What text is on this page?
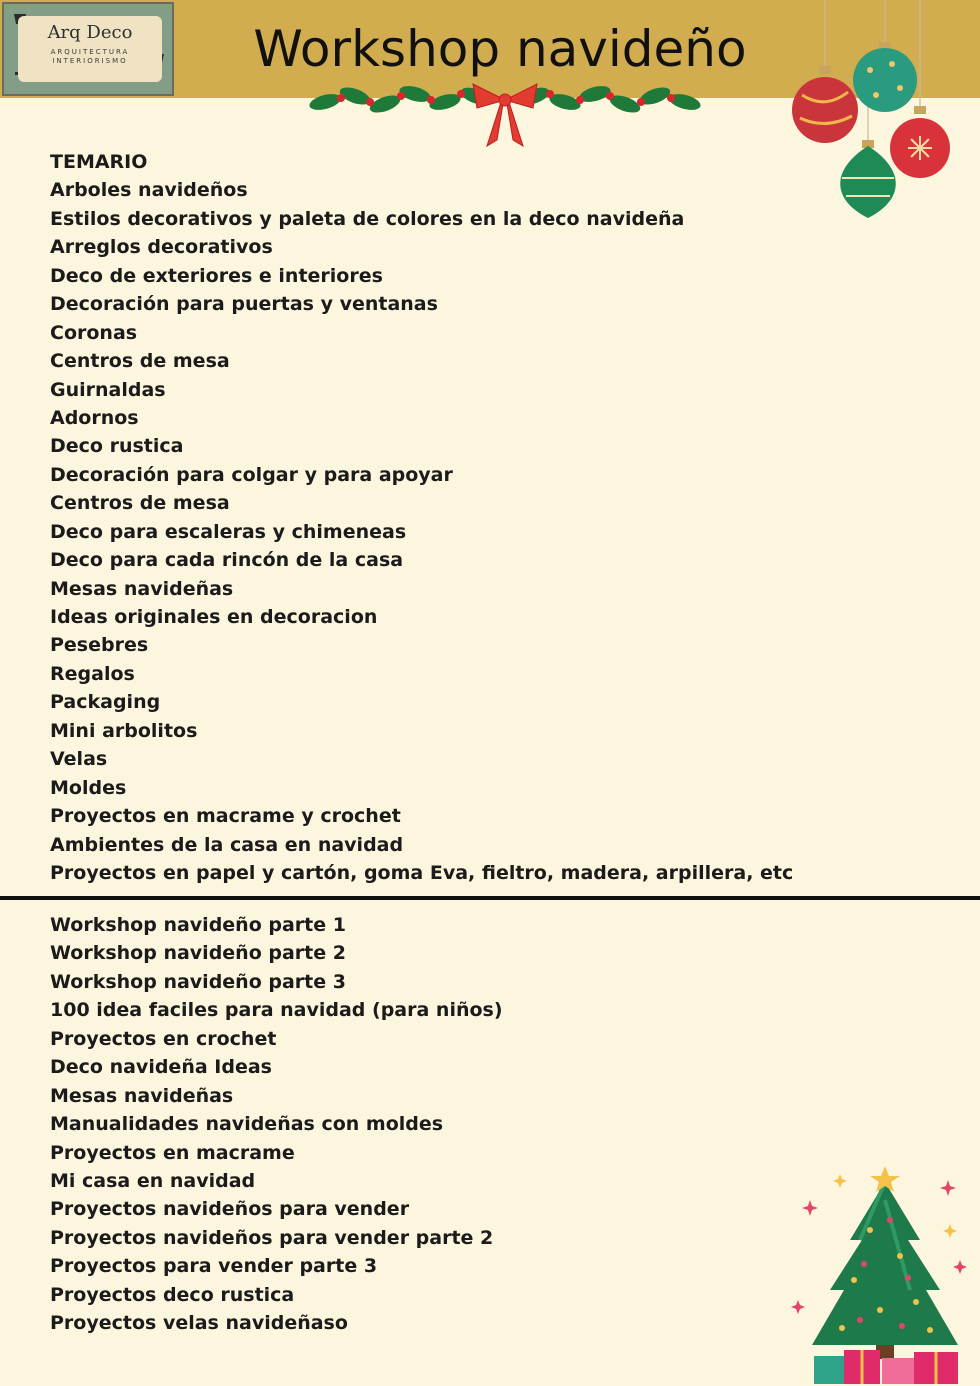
Arq Deco
ARQUITECTURA
INTERIORISMO	Workshop navideño
TEMARIO
Arboles navideños
Estilos decorativos y paleta de colores en la deco navideña
Arreglos decorativos
Deco de exteriores e interiores
Decoración para puertas y ventanas
Coronas
Centros de mesa
Guirnaldas
Adornos
Deco rustica
Decoración para colgar y para apoyar
Centros de mesa
Deco para escaleras y chimeneas
Deco para cada rincón de la casa
Mesas navideñas
Ideas originales en decoracion
Pesebres
Regalos
Packaging
Mini arbolitos
Velas
Moldes
Proyectos en macrame y crochet
Ambientes de la casa en navidad
Proyectos en papel y cartón, goma Eva, fieltro, madera, arpillera, etc
Workshop navideño parte 1
Workshop navideño parte 2
Workshop navideño parte 3
100 idea faciles para navidad (para niños)
Proyectos en crochet
Deco navideña Ideas
Mesas navideñas
Manualidades navideñas con moldes
Proyectos en macrame
Mi casa en navidad
Proyectos navideños para vender
Proyectos navideños para vender parte 2
Proyectos para vender parte 3
Proyectos deco rustica
Proyectos velas navideñaso
